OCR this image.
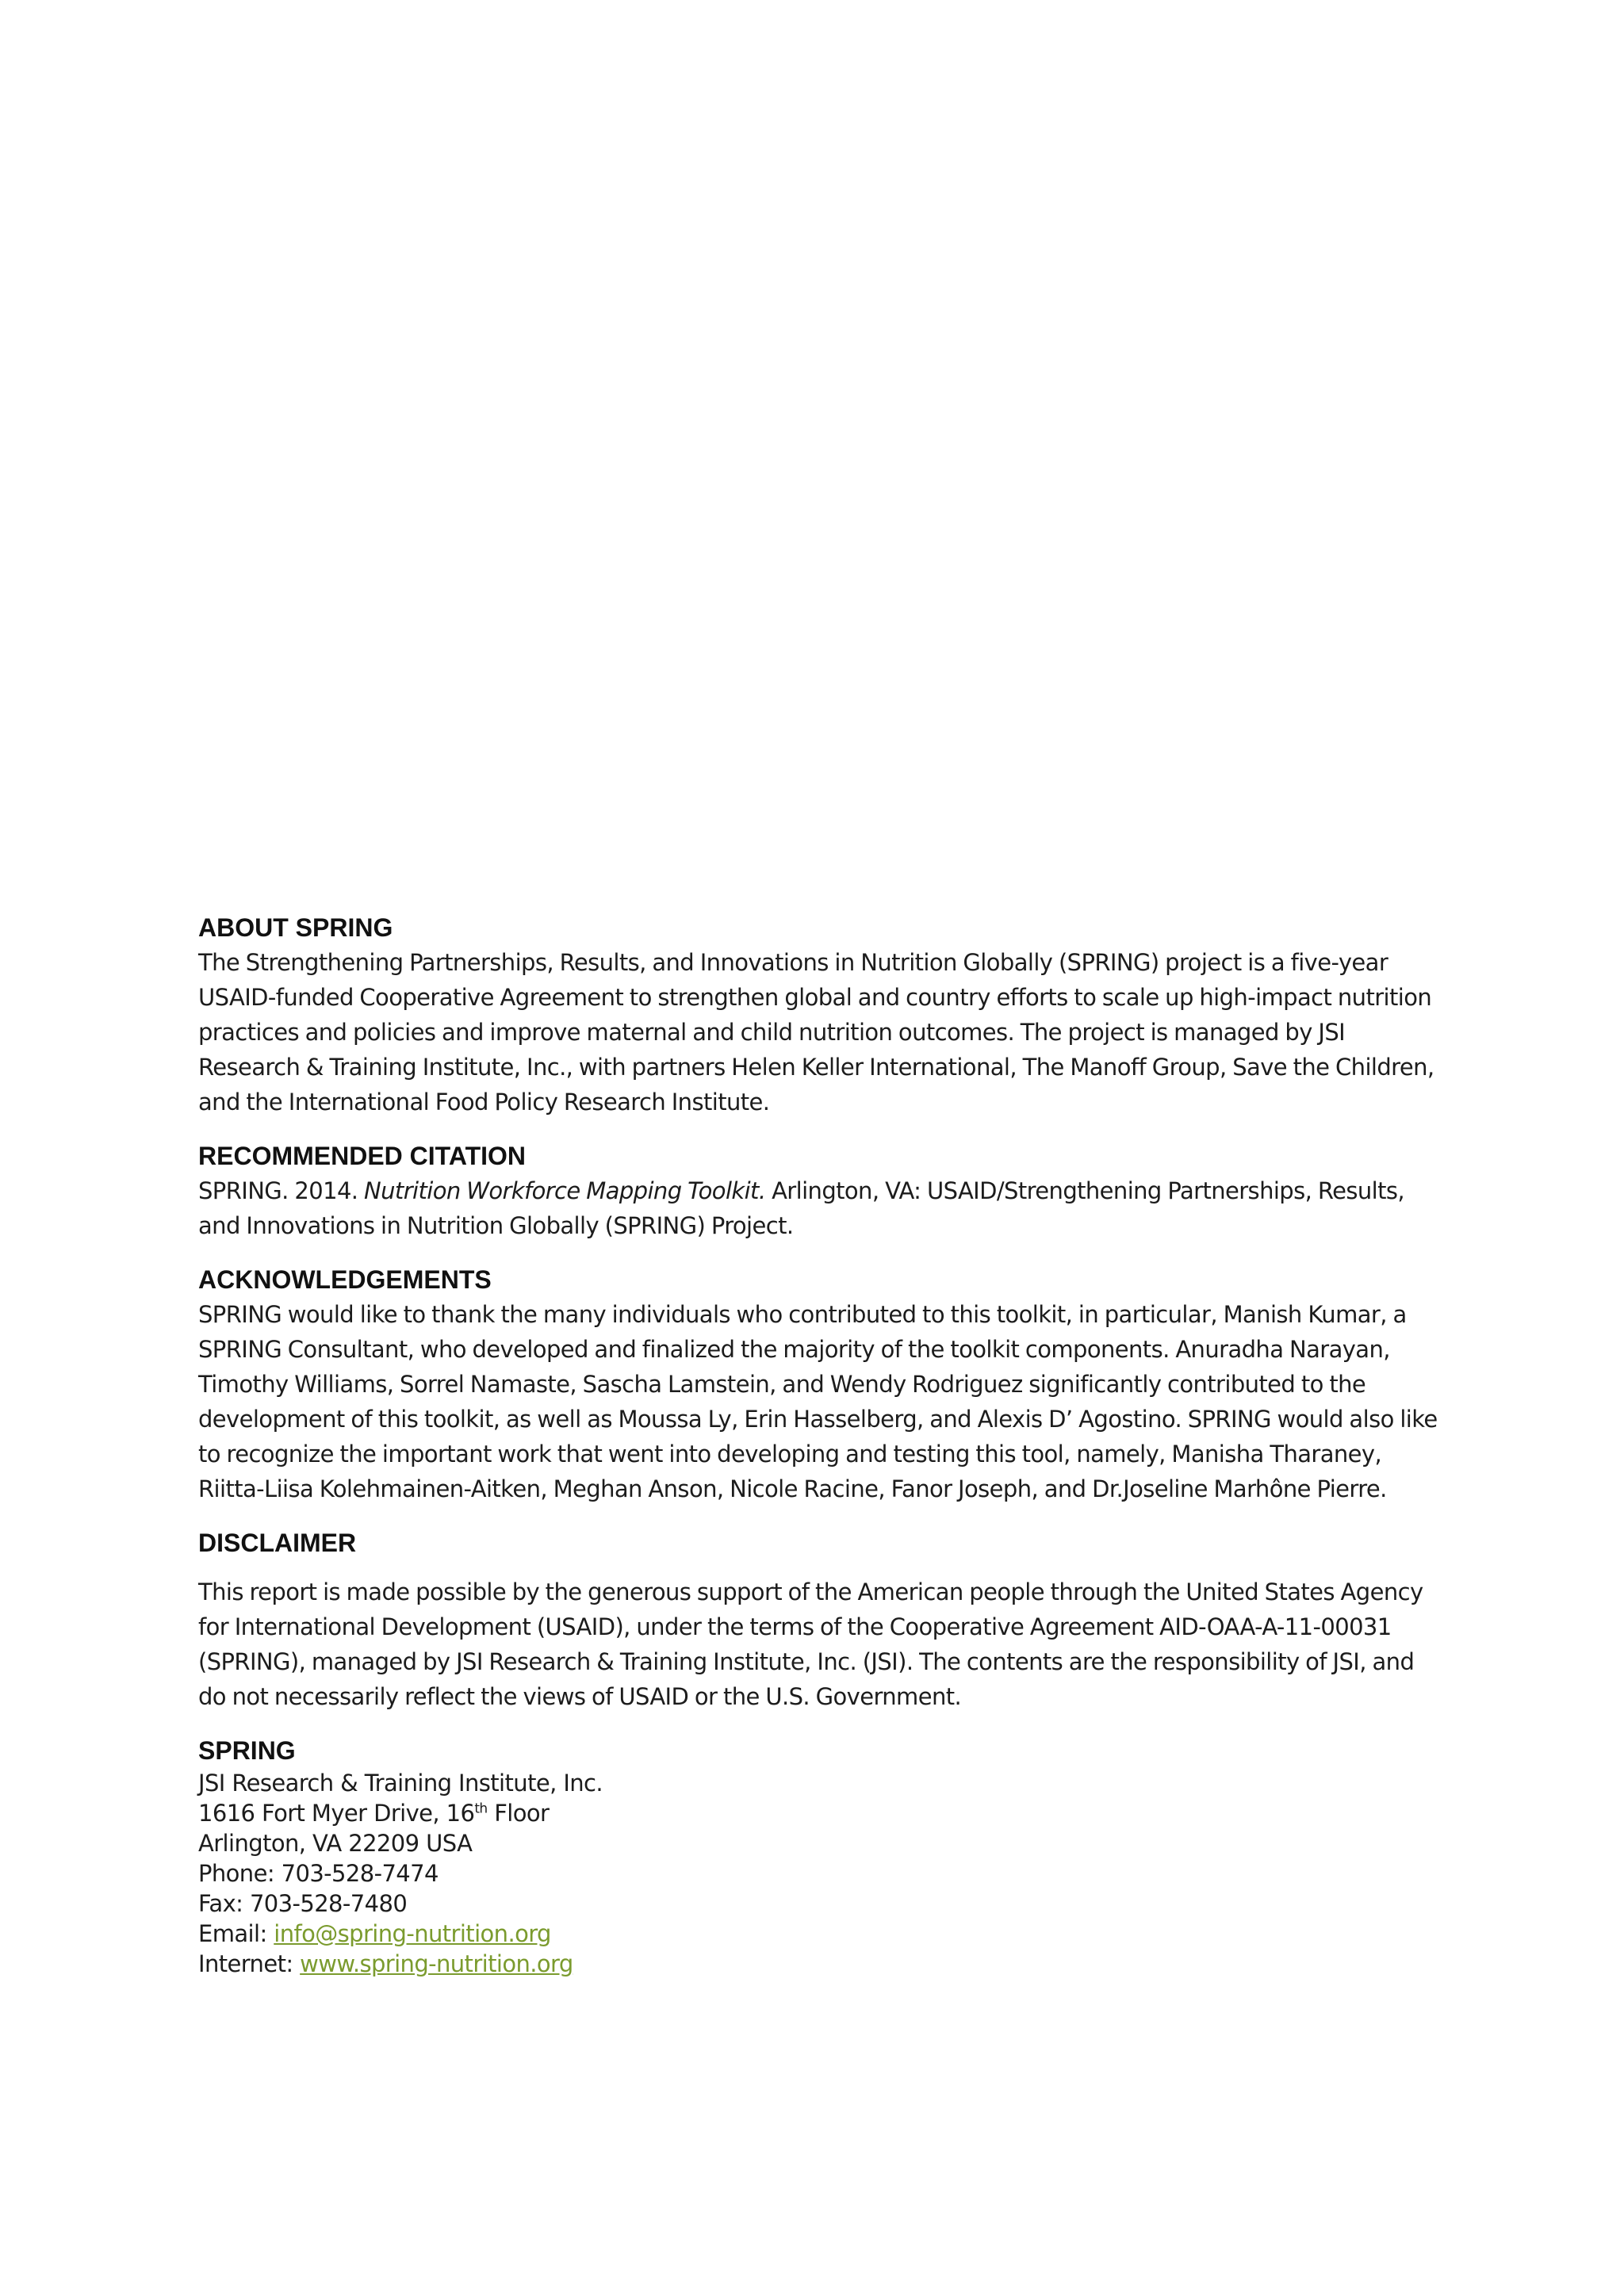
ABOUT SPRING

The Strengthening Partnerships, Results, and Innovations in Nutrition Globally (SPRING) project is a five-year USAID-funded Cooperative Agreement to strengthen global and country efforts to scale up high-impact nutrition practices and policies and improve maternal and child nutrition outcomes. The project is managed by JSI Research & Training Institute, Inc., with partners Helen Keller International, The Manoff Group, Save the Children, and the International Food Policy Research Institute.

RECOMMENDED CITATION

SPRING. 2014. Nutrition Workforce Mapping Toolkit. Arlington, VA: USAID/Strengthening Partnerships, Results, and Innovations in Nutrition Globally (SPRING) Project.

ACKNOWLEDGEMENTS

SPRING would like to thank the many individuals who contributed to this toolkit, in particular, Manish Kumar, a SPRING Consultant, who developed and finalized the majority of the toolkit components. Anuradha Narayan, Timothy Williams, Sorrel Namaste, Sascha Lamstein, and Wendy Rodriguez significantly contributed to the development of this toolkit, as well as Moussa Ly, Erin Hasselberg, and Alexis D’ Agostino. SPRING would also like to recognize the important work that went into developing and testing this tool, namely, Manisha Tharaney, Riitta-Liisa Kolehmainen-Aitken, Meghan Anson, Nicole Racine, Fanor Joseph, and Dr.Joseline Marhône Pierre.

DISCLAIMER

This report is made possible by the generous support of the American people through the United States Agency for International Development (USAID), under the terms of the Cooperative Agreement AID-OAA-A-11-00031 (SPRING), managed by JSI Research & Training Institute, Inc. (JSI). The contents are the responsibility of JSI, and do not necessarily reflect the views of USAID or the U.S. Government.

SPRING

JSI Research & Training Institute, Inc.

1616 Fort Myer Drive, 16th Floor

Arlington, VA 22209 USA

Phone: 703-528-7474

Fax: 703-528-7480

Email: info@spring-nutrition.org

Internet: www.spring-nutrition.org
